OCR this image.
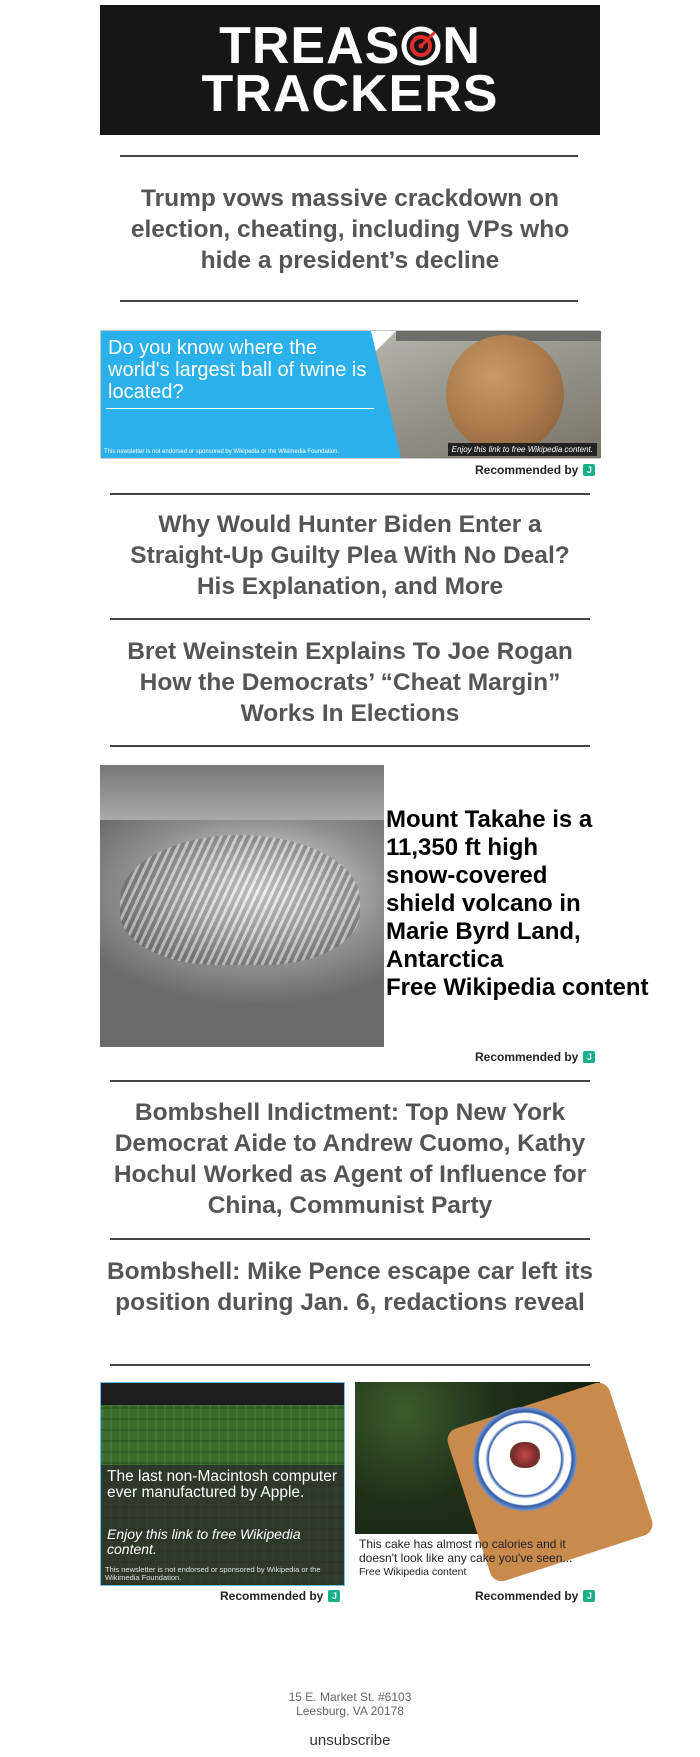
TREAS N
TRACKERS
Trump vows massive crackdown on election, cheating, including VPs who hide a president’s decline
Do you know where the world's largest ball of twine is located?
This newsletter is not endorsed or sponsored by Wikipedia or the Wikimedia Foundation.	Enjoy this link to free Wikipedia content.
Recommended by J
Why Would Hunter Biden Enter a Straight-Up Guilty Plea With No Deal? His Explanation, and More
Bret Weinstein Explains To Joe Rogan How the Democrats’ “Cheat Margin” Works In Elections
Mount Takahe is a 11,350 ft high snow-covered shield volcano in Marie Byrd Land, Antarctica
Free Wikipedia content
Recommended by J
Bombshell Indictment: Top New York Democrat Aide to Andrew Cuomo, Kathy Hochul Worked as Agent of Influence for China, Communist Party
Bombshell: Mike Pence escape car left its position during Jan. 6, redactions reveal
The last non-Macintosh computer ever manufactured by Apple.
Enjoy this link to free Wikipedia content.
This newsletter is not endorsed or sponsored by Wikipedia or the Wikimedia Foundation.
Recommended by J
This cake has almost no calories and it doesn't look like any cake you've seen...
Free Wikipedia content
Recommended by J
15 E. Market St. #6103
Leesburg, VA 20178
unsubscribe
